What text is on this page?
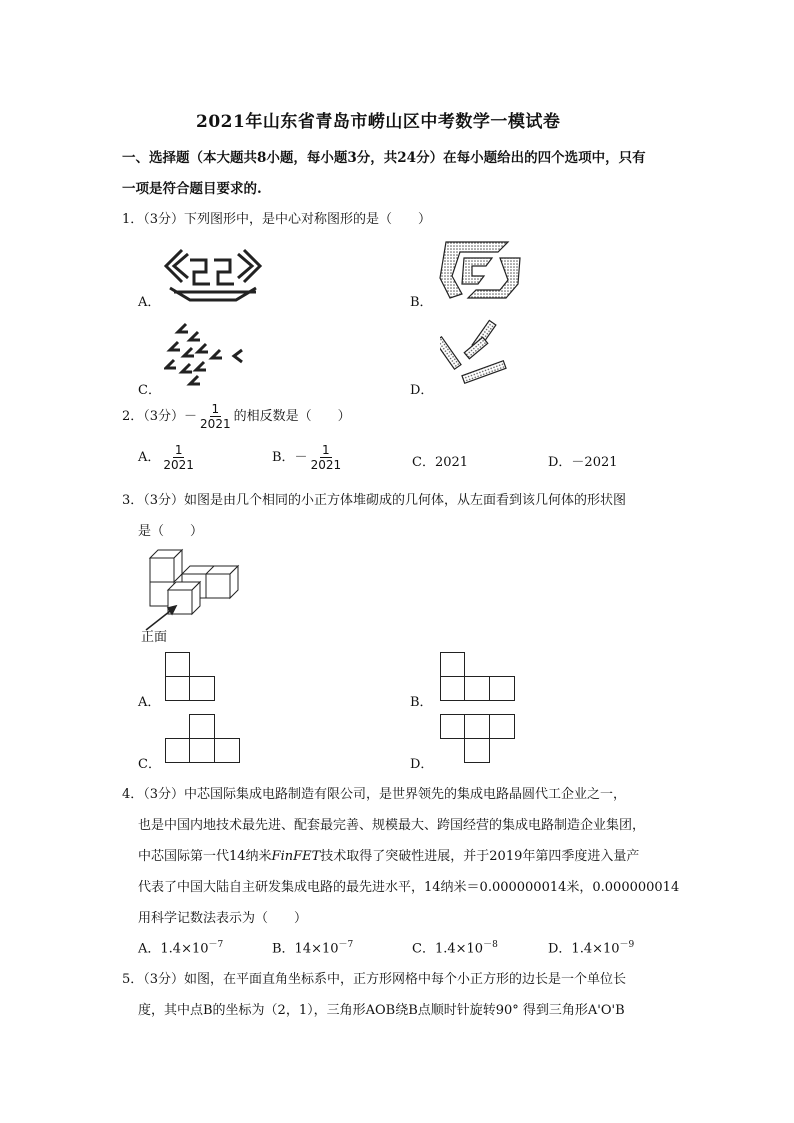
2021年山东省青岛市崂山区中考数学一模试卷
一、选择题（本大题共8小题，每小题3分，共24分）在每小题给出的四个选项中，只有
一项是符合题目要求的.
1．（3分）下列图形中，是中心对称图形的是（　　）
A．	B．
C．	D．
2．（3分）－ $\frac{1}{2021}$ 的相反数是（　　）
A． $\frac{1}{2021}$	B．－ $\frac{1}{2021}$	C．2021	D．－2021
3．（3分）如图是由几个相同的小正方体堆砌成的几何体，从左面看到该几何体的形状图
是（　　）
正面
A．	B．
C．	D．
4．（3分）中芯国际集成电路制造有限公司，是世界领先的集成电路晶圆代工企业之一，
也是中国内地技术最先进、配套最完善、规模最大、跨国经营的集成电路制造企业集团，
中芯国际第一代14纳米FinFET技术取得了突破性进展，并于2019年第四季度进入量产
代表了中国大陆自主研发集成电路的最先进水平，14纳米＝0.000000014米，0.000000014
用科学记数法表示为（　　）
A．$1.4\times 10^{-7}$	B．$14\times 10^{-7}$	C．$1.4\times 10^{-8}$	D．$1.4\times 10^{-9}$
5．（3分）如图，在平面直角坐标系中，正方形网格中每个小正方形的边长是一个单位长
度，其中点B的坐标为（2，1），三角形AOB绕B点顺时针旋转90° 得到三角形A'O'B
